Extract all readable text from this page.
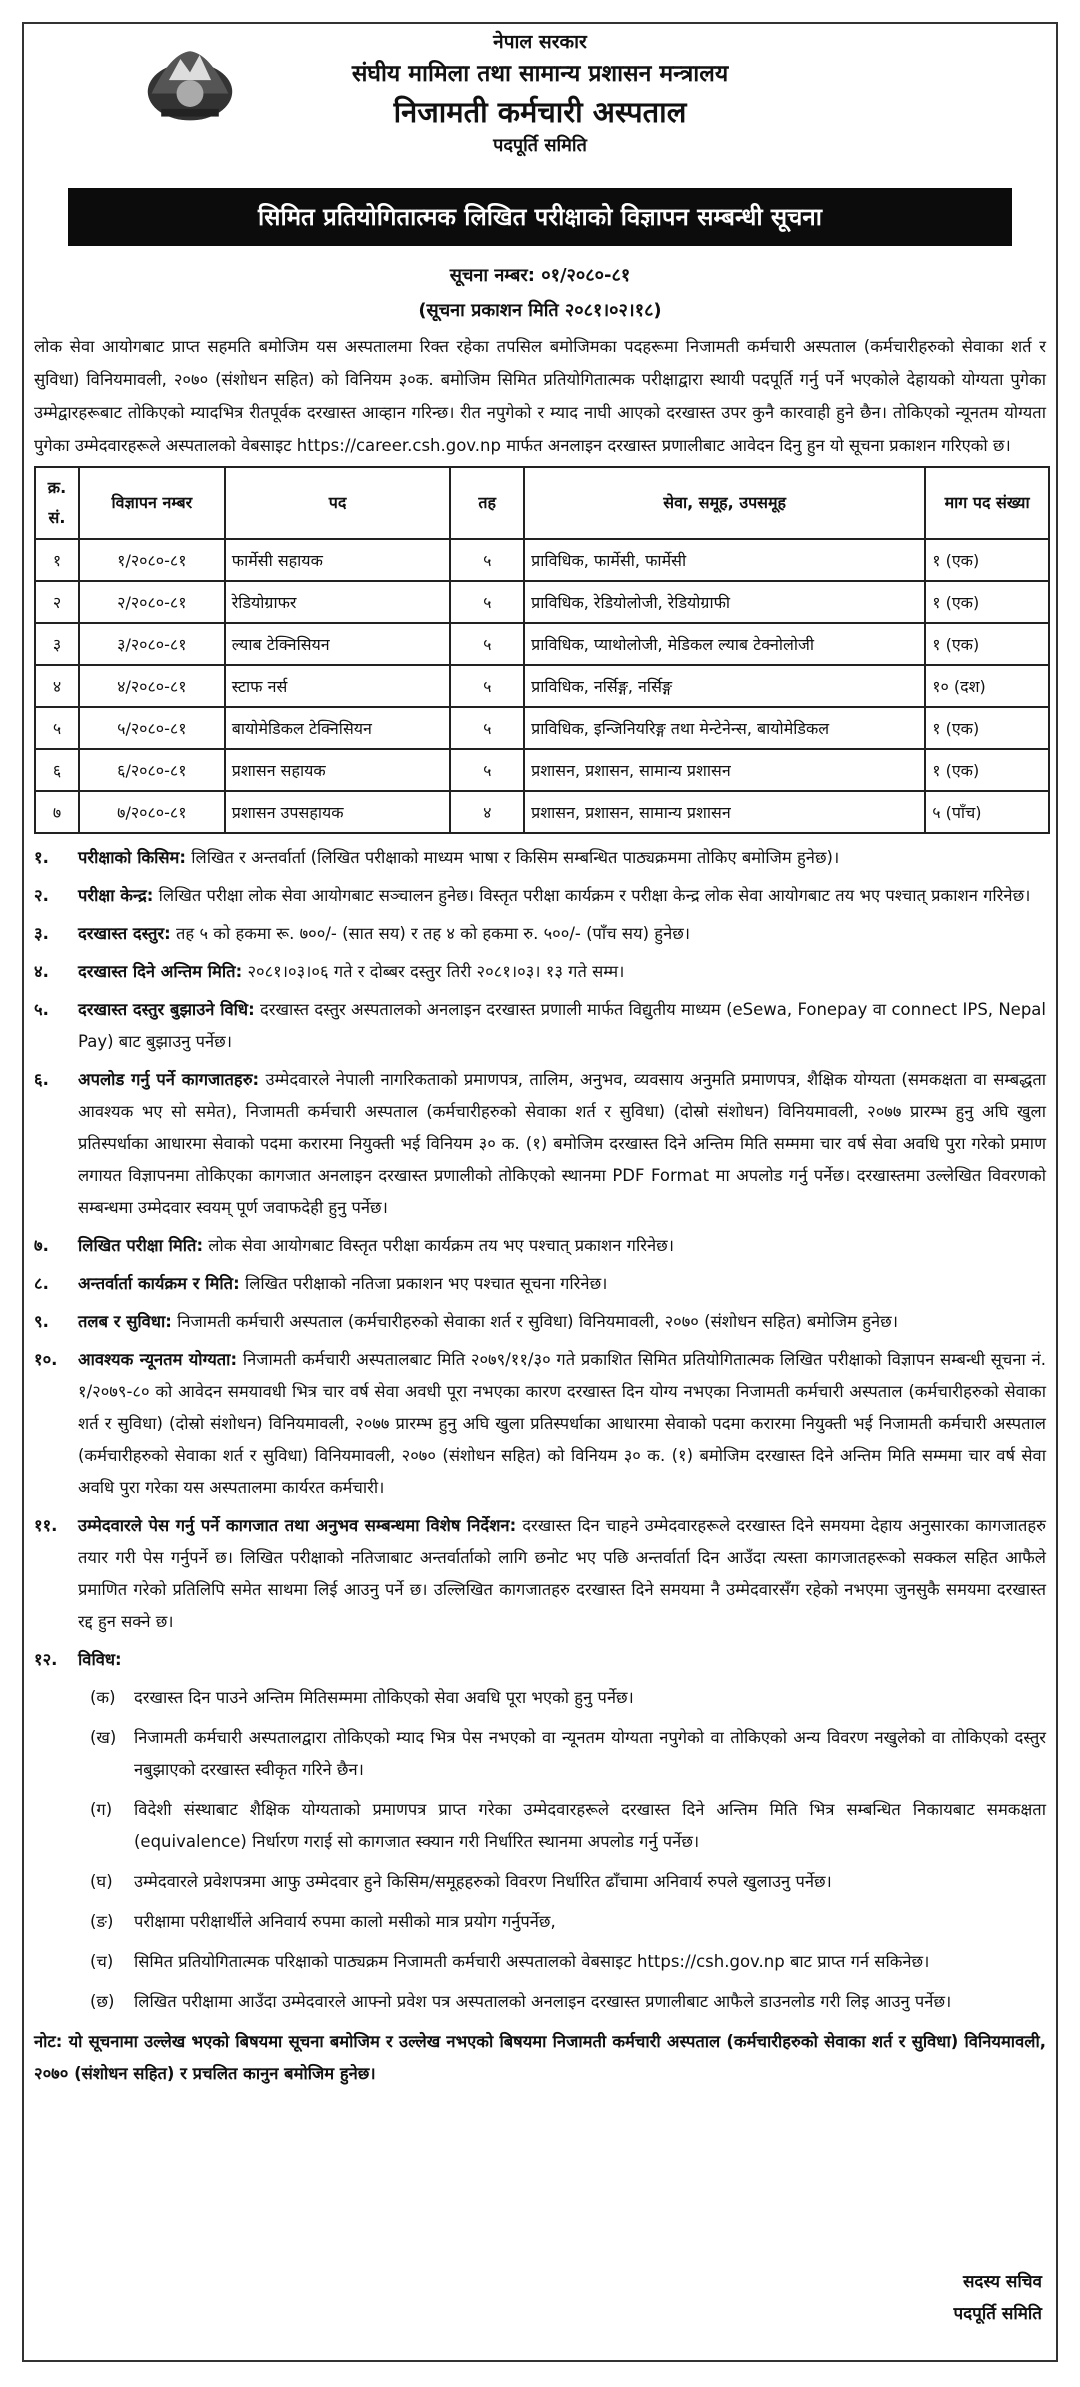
नेपाल सरकार
संघीय मामिला तथा सामान्य प्रशासन मन्त्रालय
निजामती कर्मचारी अस्पताल
पदपूर्ति समिति
सिमित प्रतियोगितात्मक लिखित परीक्षाको विज्ञापन सम्बन्धी सूचना
सूचना नम्बर: ०१/२०८०-८१
(सूचना प्रकाशन मिति २०८१।०२।१८)
लोक सेवा आयोगबाट प्राप्त सहमति बमोजिम यस अस्पतालमा रिक्त रहेका तपसिल बमोजिमका पदहरूमा निजामती कर्मचारी अस्पताल (कर्मचारीहरुको सेवाका शर्त र सुविधा) विनियमावली, २०७० (संशोधन सहित) को विनियम ३०क. बमोजिम सिमित प्रतियोगितात्मक परीक्षाद्वारा स्थायी पदपूर्ति गर्नु पर्ने भएकोले देहायको योग्यता पुगेका उम्मेद्वारहरूबाट तोकिएको म्यादभित्र रीतपूर्वक दरखास्त आव्हान गरिन्छ। रीत नपुगेको र म्याद नाघी आएको दरखास्त उपर कुनै कारवाही हुने छैन। तोकिएको न्यूनतम योग्यता पुगेका उम्मेदवारहरूले अस्पतालको वेबसाइट https://career.csh.gov.np मार्फत अनलाइन दरखास्त प्रणालीबाट आवेदन दिनु हुन यो सूचना प्रकाशन गरिएको छ।
क्र. सं.	विज्ञापन नम्बर	पद	तह	सेवा, समूह, उपसमूह	माग पद संख्या
१	१/२०८०-८१	फार्मेसी सहायक	५	प्राविधिक, फार्मेसी, फार्मेसी	१ (एक)
२	२/२०८०-८१	रेडियोग्राफर	५	प्राविधिक, रेडियोलोजी, रेडियोग्राफी	१ (एक)
३	३/२०८०-८१	ल्याब टेक्निसियन	५	प्राविधिक, प्याथोलोजी, मेडिकल ल्याब टेक्नोलोजी	१ (एक)
४	४/२०८०-८१	स्टाफ नर्स	५	प्राविधिक, नर्सिङ्ग, नर्सिङ्ग	१० (दश)
५	५/२०८०-८१	बायोमेडिकल टेक्निसियन	५	प्राविधिक, इन्जिनियरिङ्ग तथा मेन्टेनेन्स, बायोमेडिकल	१ (एक)
६	६/२०८०-८१	प्रशासन सहायक	५	प्रशासन, प्रशासन, सामान्य प्रशासन	१ (एक)
७	७/२०८०-८१	प्रशासन उपसहायक	४	प्रशासन, प्रशासन, सामान्य प्रशासन	५ (पाँच)
१.	परीक्षाको किसिम: लिखित र अन्तर्वार्ता (लिखित परीक्षाको माध्यम भाषा र किसिम सम्बन्धित पाठ्यक्रममा तोकिए बमोजिम हुनेछ)।
२.	परीक्षा केन्द्र: लिखित परीक्षा लोक सेवा आयोगबाट सञ्चालन हुनेछ। विस्तृत परीक्षा कार्यक्रम र परीक्षा केन्द्र लोक सेवा आयोगबाट तय भए पश्चात् प्रकाशन गरिनेछ।
३.	दरखास्त दस्तुर: तह ५ को हकमा रू. ७००/- (सात सय) र तह ४ को हकमा रु. ५००/- (पाँच सय) हुनेछ।
४.	दरखास्त दिने अन्तिम मिति: २०८१।०३।०६ गते र दोब्बर दस्तुर तिरी २०८१।०३। १३ गते सम्म।
५.	दरखास्त दस्तुर बुझाउने विधि: दरखास्त दस्तुर अस्पतालको अनलाइन दरखास्त प्रणाली मार्फत विद्युतीय माध्यम (eSewa, Fonepay वा connect IPS, Nepal Pay) बाट बुझाउनु पर्नेछ।
६.	अपलोड गर्नु पर्ने कागजातहरु: उम्मेदवारले नेपाली नागरिकताको प्रमाणपत्र, तालिम, अनुभव, व्यवसाय अनुमति प्रमाणपत्र, शैक्षिक योग्यता (समकक्षता वा सम्बद्धता आवश्यक भए सो समेत), निजामती कर्मचारी अस्पताल (कर्मचारीहरुको सेवाका शर्त र सुविधा) (दोस्रो संशोधन) विनियमावली, २०७७ प्रारम्भ हुनु अघि खुला प्रतिस्पर्धाका आधारमा सेवाको पदमा करारमा नियुक्ती भई विनियम ३० क. (१) बमोजिम दरखास्त दिने अन्तिम मिति सम्ममा चार वर्ष सेवा अवधि पुरा गरेको प्रमाण लगायत विज्ञापनमा तोकिएका कागजात अनलाइन दरखास्त प्रणालीको तोकिएको स्थानमा PDF Format मा अपलोड गर्नु पर्नेछ। दरखास्तमा उल्लेखित विवरणको सम्बन्धमा उम्मेदवार स्वयम् पूर्ण जवाफदेही हुनु पर्नेछ।
७.	लिखित परीक्षा मिति: लोक सेवा आयोगबाट विस्तृत परीक्षा कार्यक्रम तय भए पश्चात् प्रकाशन गरिनेछ।
८.	अन्तर्वार्ता कार्यक्रम र मिति: लिखित परीक्षाको नतिजा प्रकाशन भए पश्चात सूचना गरिनेछ।
९.	तलब र सुविधा: निजामती कर्मचारी अस्पताल (कर्मचारीहरुको सेवाका शर्त र सुविधा) विनियमावली, २०७० (संशोधन सहित) बमोजिम हुनेछ।
१०.	आवश्यक न्यूनतम योग्यता: निजामती कर्मचारी अस्पतालबाट मिति २०७९/११/३० गते प्रकाशित सिमित प्रतियोगितात्मक लिखित परीक्षाको विज्ञापन सम्बन्धी सूचना नं. १/२०७९-८० को आवेदन समयावधी भित्र चार वर्ष सेवा अवधी पूरा नभएका कारण दरखास्त दिन योग्य नभएका निजामती कर्मचारी अस्पताल (कर्मचारीहरुको सेवाका शर्त र सुविधा) (दोस्रो संशोधन) विनियमावली, २०७७ प्रारम्भ हुनु अघि खुला प्रतिस्पर्धाका आधारमा सेवाको पदमा करारमा नियुक्ती भई निजामती कर्मचारी अस्पताल (कर्मचारीहरुको सेवाका शर्त र सुविधा) विनियमावली, २०७० (संशोधन सहित) को विनियम ३० क. (१) बमोजिम दरखास्त दिने अन्तिम मिति सम्ममा चार वर्ष सेवा अवधि पुरा गरेका यस अस्पतालमा कार्यरत कर्मचारी।
११.	उम्मेदवारले पेस गर्नु पर्ने कागजात तथा अनुभव सम्बन्धमा विशेष निर्देशन: दरखास्त दिन चाहने उम्मेदवारहरूले दरखास्त दिने समयमा देहाय अनुसारका कागजातहरु तयार गरी पेस गर्नुपर्ने छ। लिखित परीक्षाको नतिजाबाट अन्तर्वार्ताको लागि छनोट भए पछि अन्तर्वार्ता दिन आउँदा त्यस्ता कागजातहरूको सक्कल सहित आफैले प्रमाणित गरेको प्रतिलिपि समेत साथमा लिई आउनु पर्ने छ। उल्लिखित कागजातहरु दरखास्त दिने समयमा नै उम्मेदवारसँग रहेको नभएमा जुनसुकै समयमा दरखास्त रद्द हुन सक्ने छ।
१२.	विविध:
(क)	दरखास्त दिन पाउने अन्तिम मितिसम्ममा तोकिएको सेवा अवधि पूरा भएको हुनु पर्नेछ।
(ख)	निजामती कर्मचारी अस्पतालद्वारा तोकिएको म्याद भित्र पेस नभएको वा न्यूनतम योग्यता नपुगेको वा तोकिएको अन्य विवरण नखुलेको वा तोकिएको दस्तुर नबुझाएको दरखास्त स्वीकृत गरिने छैन।
(ग)	विदेशी संस्थाबाट शैक्षिक योग्यताको प्रमाणपत्र प्राप्त गरेका उम्मेदवारहरूले दरखास्त दिने अन्तिम मिति भित्र सम्बन्धित निकायबाट समकक्षता (equivalence) निर्धारण गराई सो कागजात स्क्यान गरी निर्धारित स्थानमा अपलोड गर्नु पर्नेछ।
(घ)	उम्मेदवारले प्रवेशपत्रमा आफु उम्मेदवार हुने किसिम/समूहहरुको विवरण निर्धारित ढाँचामा अनिवार्य रुपले खुलाउनु पर्नेछ।
(ङ)	परीक्षामा परीक्षार्थीले अनिवार्य रुपमा कालो मसीको मात्र प्रयोग गर्नुपर्नेछ,
(च)	सिमित प्रतियोगितात्मक परिक्षाको पाठ्यक्रम निजामती कर्मचारी अस्पतालको वेबसाइट https://csh.gov.np बाट प्राप्त गर्न सकिनेछ।
(छ)	लिखित परीक्षामा आउँदा उम्मेदवारले आफ्नो प्रवेश पत्र अस्पतालको अनलाइन दरखास्त प्रणालीबाट आफैले डाउनलोड गरी लिइ आउनु पर्नेछ।
नोट: यो सूचनामा उल्लेख भएको बिषयमा सूचना बमोजिम र उल्लेख नभएको बिषयमा निजामती कर्मचारी अस्पताल (कर्मचारीहरुको सेवाका शर्त र सुविधा) विनियमावली, २०७० (संशोधन सहित) र प्रचलित कानुन बमोजिम हुनेछ।
सदस्य सचिव
पदपूर्ति समिति
